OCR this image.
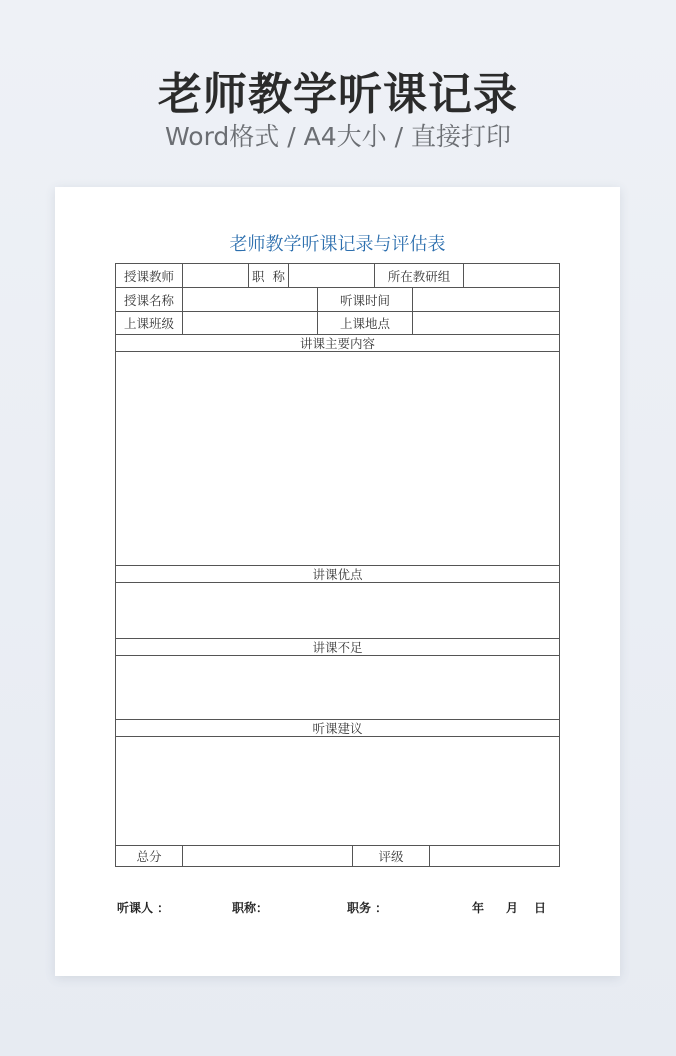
老师教学听课记录
Word格式 / A4大小 / 直接打印
老师教学听课记录与评估表
授课教师	职  称	所在教研组
授课名称	听课时间
上课班级	上课地点
讲课主要内容
讲课优点
讲课不足
听课建议
总分	评级
听课人 ：	职称：	职务 ：	年 月 日
